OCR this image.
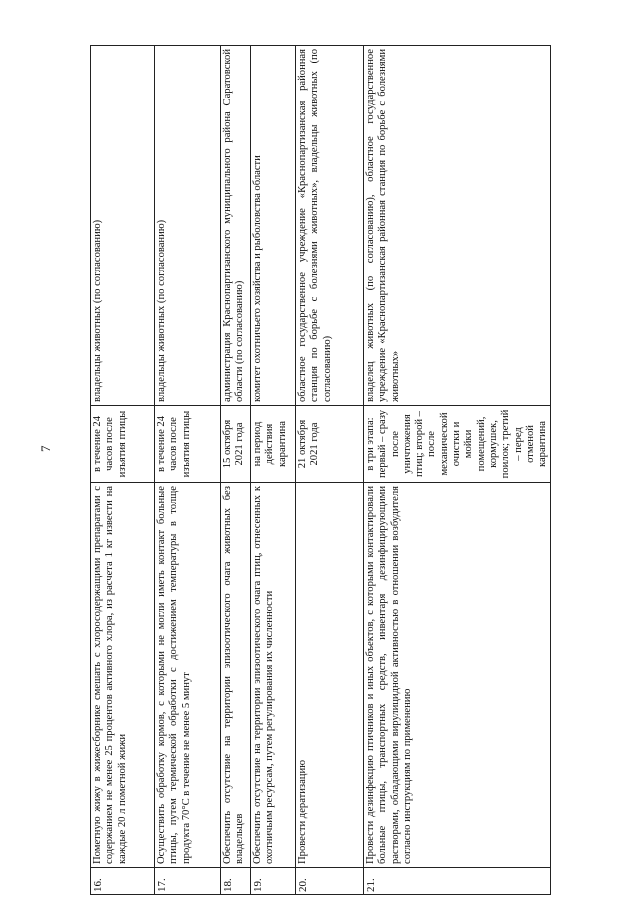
7
16.	Пометную жижу в жижесборнике смешать с хлоросодержащими препаратами с содержанием не менее 25 процентов активного хлора, из расчета 1 кг извести на каждые 20 л пометной жижи	в течение 24 часов после изъятия птицы	владельцы животных (по согласованию)
17.	Осуществить обработку кормов, с которыми не могли иметь контакт больные птицы, путем термической обработки с достижением температуры в толще продукта 70°С в течение не менее 5 минут	в течение 24 часов после изъятия птицы	владельцы животных (по согласованию)
18.	Обеспечить отсутствие на территории эпизоотического очага животных без владельцев	15 октября 2021 года	администрация Краснопартизанского муниципального района Саратовской области (по согласованию)
19.	Обеспечить отсутствие на территории эпизоотического очага птиц, отнесенных к охотничьим ресурсам, путем регулирования их численности	на период действия карантина	комитет охотничьего хозяйства и рыболовства области
20.	Провести дератизацию	21 октября 2021 года	областное государственное учреждение «Краснопартизанская районная станция по борьбе с болезнями животных», владельцы животных (по согласованию)
21.	Провести дезинфекцию птичников и иных объектов, с которыми контактировали больные птицы, транспортных средств, инвентаря дезинфицирующими растворами, обладающими вирулицидной активностью в отношении возбудителя согласно инструкциям по применению	в три этапа: первый – сразу после уничтожения птиц; второй – после механической очистки и мойки помещений, кормушек, поилок; третий – перед отменой карантина	владелец животных (по согласованию), областное государственное учреждение «Краснопартизанская районная станция по борьбе с болезнями животных»
